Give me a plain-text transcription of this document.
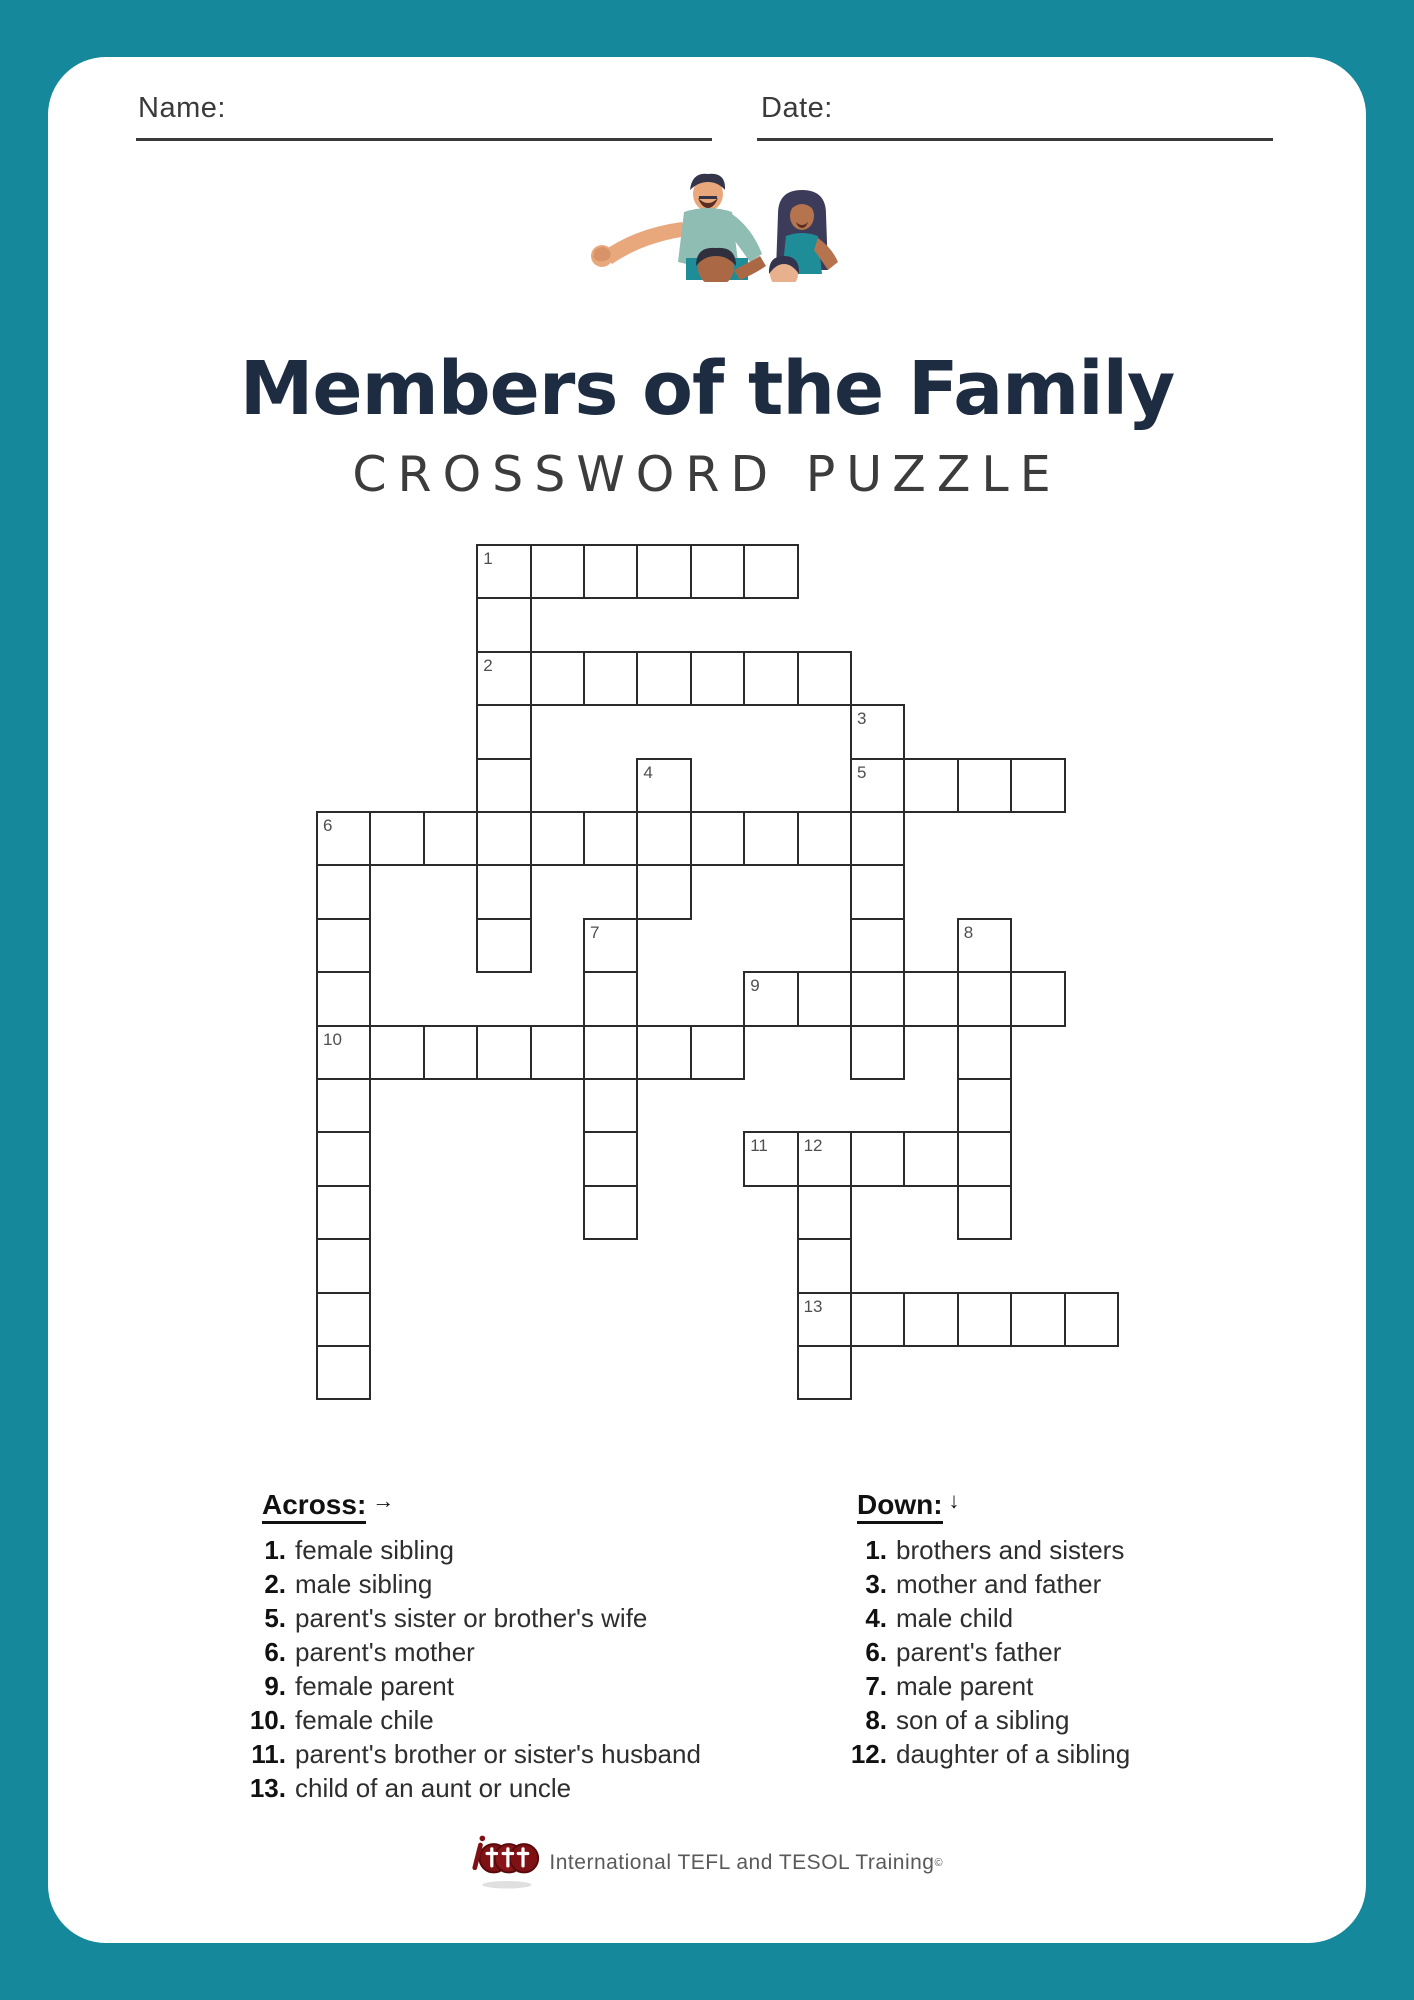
Name:	Date:
Members of the Family
CROSSWORD PUZZLE
1
2
3
4	5
6
7	8
9
10
11 12
13
Across: →
1. female sibling
2. male sibling
5. parent's sister or brother's wife
6. parent's mother
9. female parent
10. female chile
11. parent's brother or sister's husband
13. child of an aunt or uncle
Down: ↓
1. brothers and sisters
3. mother and father
4. male child
6. parent's father
7. male parent
8. son of a sibling
12. daughter of a sibling
International TEFL and TESOL Training ©
